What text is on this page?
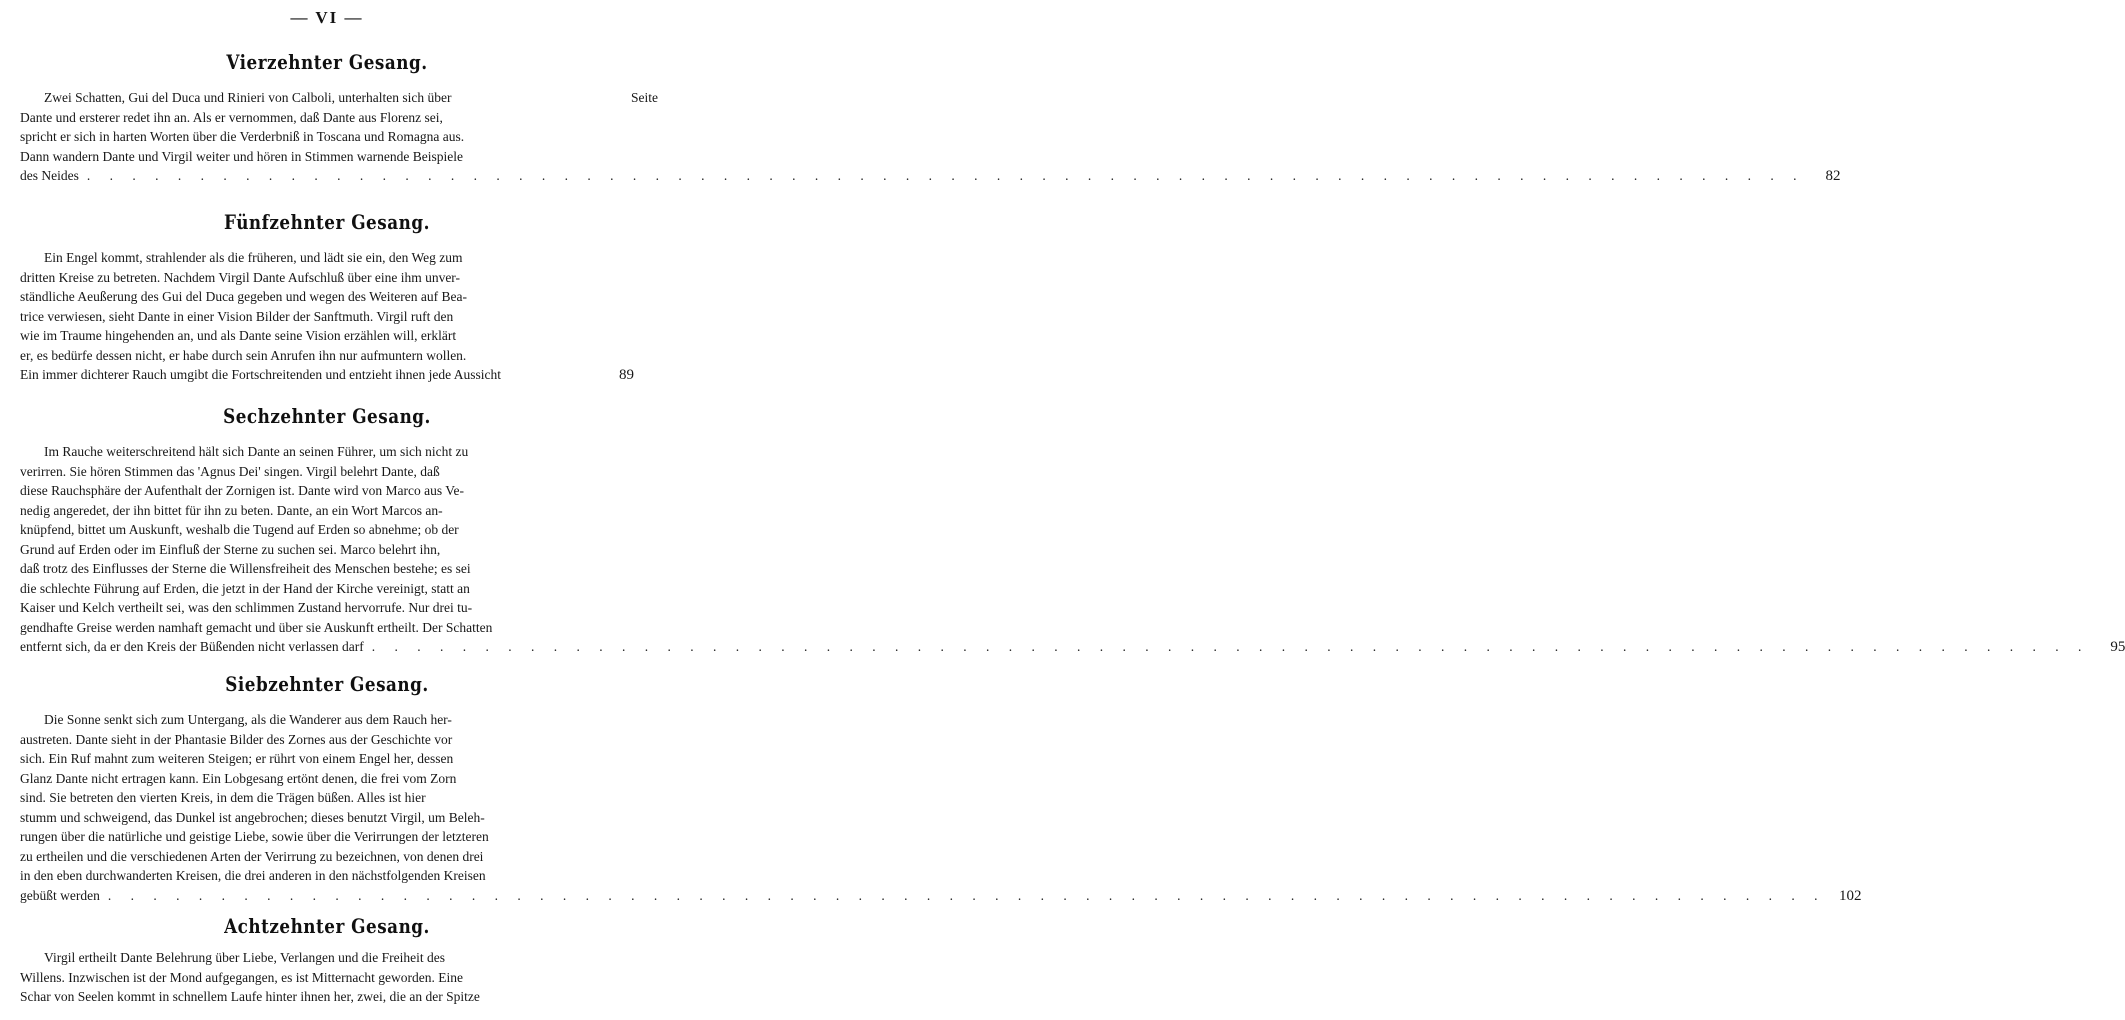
— VI —
Vierzehnter Gesang.
Zwei Schatten, Gui del Duca und Rinieri von Calboli, unterhalten sich über	Seite
Dante und ersterer redet ihn an. Als er vernommen, daß Dante aus Florenz sei,
spricht er sich in harten Worten über die Verderbniß in Toscana und Romagna aus.
Dann wandern Dante und Virgil weiter und hören in Stimmen warnende Beispiele
des Neides . . .	82
Fünfzehnter Gesang.
Ein Engel kommt, strahlender als die früheren, und lädt sie ein, den Weg zum
dritten Kreise zu betreten. Nachdem Virgil Dante Aufschluß über eine ihm unver-
ständliche Aeußerung des Gui del Duca gegeben und wegen des Weiteren auf Bea-
trice verwiesen, sieht Dante in einer Vision Bilder der Sanftmuth. Virgil ruft den
wie im Traume hingehenden an, und als Dante seine Vision erzählen will, erklärt
er, es bedürfe dessen nicht, er habe durch sein Anrufen ihn nur aufmuntern wollen.
Ein immer dichterer Rauch umgibt die Fortschreitenden und entzieht ihnen jede Aussicht	89
Sechzehnter Gesang.
Im Rauche weiterschreitend hält sich Dante an seinen Führer, um sich nicht zu
verirren. Sie hören Stimmen das 'Agnus Dei' singen. Virgil belehrt Dante, daß
diese Rauchsphäre der Aufenthalt der Zornigen ist. Dante wird von Marco aus Ve-
nedig angeredet, der ihn bittet für ihn zu beten. Dante, an ein Wort Marcos an-
knüpfend, bittet um Auskunft, weshalb die Tugend auf Erden so abnehme; ob der
Grund auf Erden oder im Einfluß der Sterne zu suchen sei. Marco belehrt ihn,
daß trotz des Einflusses der Sterne die Willensfreiheit des Menschen bestehe; es sei
die schlechte Führung auf Erden, die jetzt in der Hand der Kirche vereinigt, statt an
Kaiser und Kelch vertheilt sei, was den schlimmen Zustand hervorrufe. Nur drei tu-
gendhafte Greise werden namhaft gemacht und über sie Auskunft ertheilt. Der Schatten
entfernt sich, da er den Kreis der Büßenden nicht verlassen darf . . .	95
Siebzehnter Gesang.
Die Sonne senkt sich zum Untergang, als die Wanderer aus dem Rauch her-
austreten. Dante sieht in der Phantasie Bilder des Zornes aus der Geschichte vor
sich. Ein Ruf mahnt zum weiteren Steigen; er rührt von einem Engel her, dessen
Glanz Dante nicht ertragen kann. Ein Lobgesang ertönt denen, die frei vom Zorn
sind. Sie betreten den vierten Kreis, in dem die Trägen büßen. Alles ist hier
stumm und schweigend, das Dunkel ist angebrochen; dieses benutzt Virgil, um Beleh-
rungen über die natürliche und geistige Liebe, sowie über die Verirrungen der letzteren
zu ertheilen und die verschiedenen Arten der Verirrung zu bezeichnen, von denen drei
in den eben durchwanderten Kreisen, die drei anderen in den nächstfolgenden Kreisen
gebüßt werden . . .	102
Achtzehnter Gesang.
Virgil ertheilt Dante Belehrung über Liebe, Verlangen und die Freiheit des
Willens. Inzwischen ist der Mond aufgegangen, es ist Mitternacht geworden. Eine
Schar von Seelen kommt in schnellem Laufe hinter ihnen her, zwei, die an der Spitze
